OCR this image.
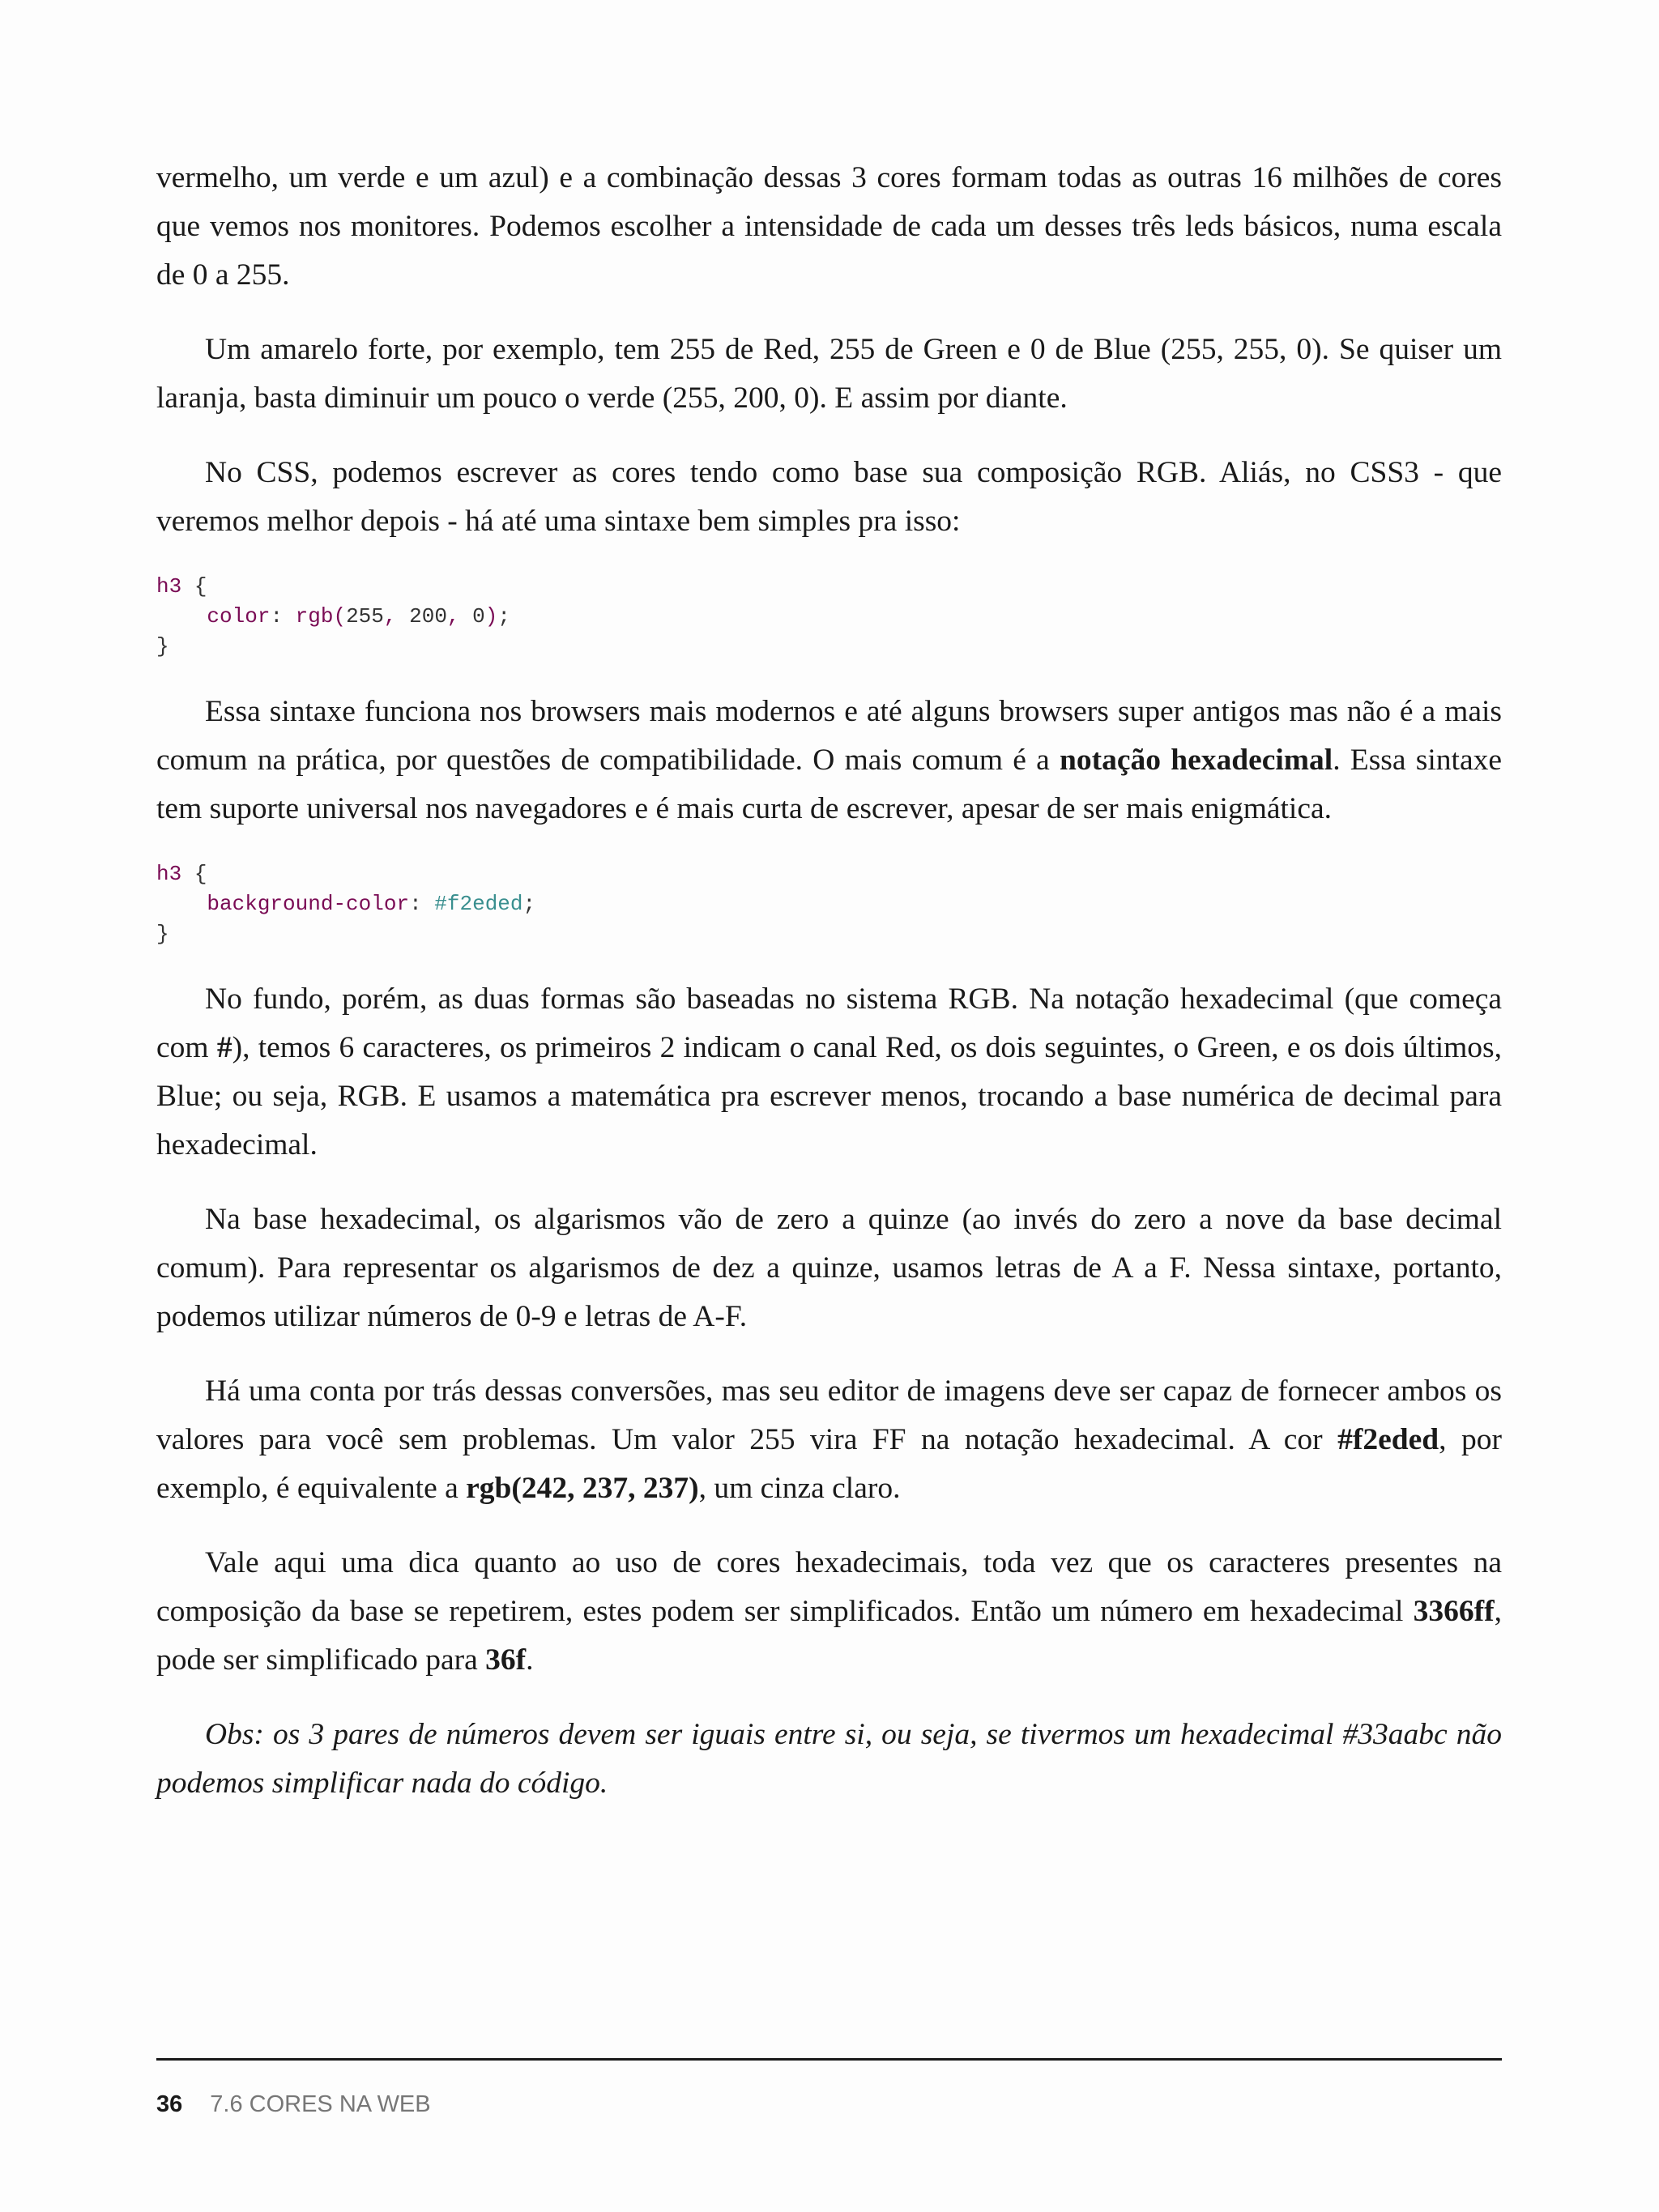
vermelho, um verde e um azul) e a combinação dessas 3 cores formam todas as outras 16 milhões de cores que vemos nos monitores. Podemos escolher a intensidade de cada um desses três leds básicos, numa escala de 0 a 255.

Um amarelo forte, por exemplo, tem 255 de Red, 255 de Green e 0 de Blue (255, 255, 0). Se quiser um laranja, basta diminuir um pouco o verde (255, 200, 0). E assim por diante.

No CSS, podemos escrever as cores tendo como base sua composição RGB. Aliás, no CSS3 - que veremos melhor depois - há até uma sintaxe bem simples pra isso:

h3 {
color: rgb(255, 200, 0);
}

Essa sintaxe funciona nos browsers mais modernos e até alguns browsers super antigos mas não é a mais comum na prática, por questões de compatibilidade. O mais comum é a notação hexadecimal. Essa sintaxe tem suporte universal nos navegadores e é mais curta de escrever, apesar de ser mais enigmática.

h3 {
background-color: #f2eded;
}

No fundo, porém, as duas formas são baseadas no sistema RGB. Na notação hexadecimal (que começa com #), temos 6 caracteres, os primeiros 2 indicam o canal Red, os dois seguintes, o Green, e os dois últimos, Blue; ou seja, RGB. E usamos a matemática pra escrever menos, trocando a base numérica de decimal para hexadecimal.

Na base hexadecimal, os algarismos vão de zero a quinze (ao invés do zero a nove da base decimal comum). Para representar os algarismos de dez a quinze, usamos letras de A a F. Nessa sintaxe, portanto, podemos utilizar números de 0-9 e letras de A-F.

Há uma conta por trás dessas conversões, mas seu editor de imagens deve ser capaz de fornecer ambos os valores para você sem problemas. Um valor 255 vira FF na notação hexadecimal. A cor #f2eded, por exemplo, é equivalente a rgb(242, 237, 237), um cinza claro.

Vale aqui uma dica quanto ao uso de cores hexadecimais, toda vez que os caracteres presentes na composição da base se repetirem, estes podem ser simplificados. Então um número em hexadecimal 3366ff, pode ser simplificado para 36f.

Obs: os 3 pares de números devem ser iguais entre si, ou seja, se tivermos um hexadecimal #33aabc não podemos simplificar nada do código.

36 7.6 CORES NA WEB
